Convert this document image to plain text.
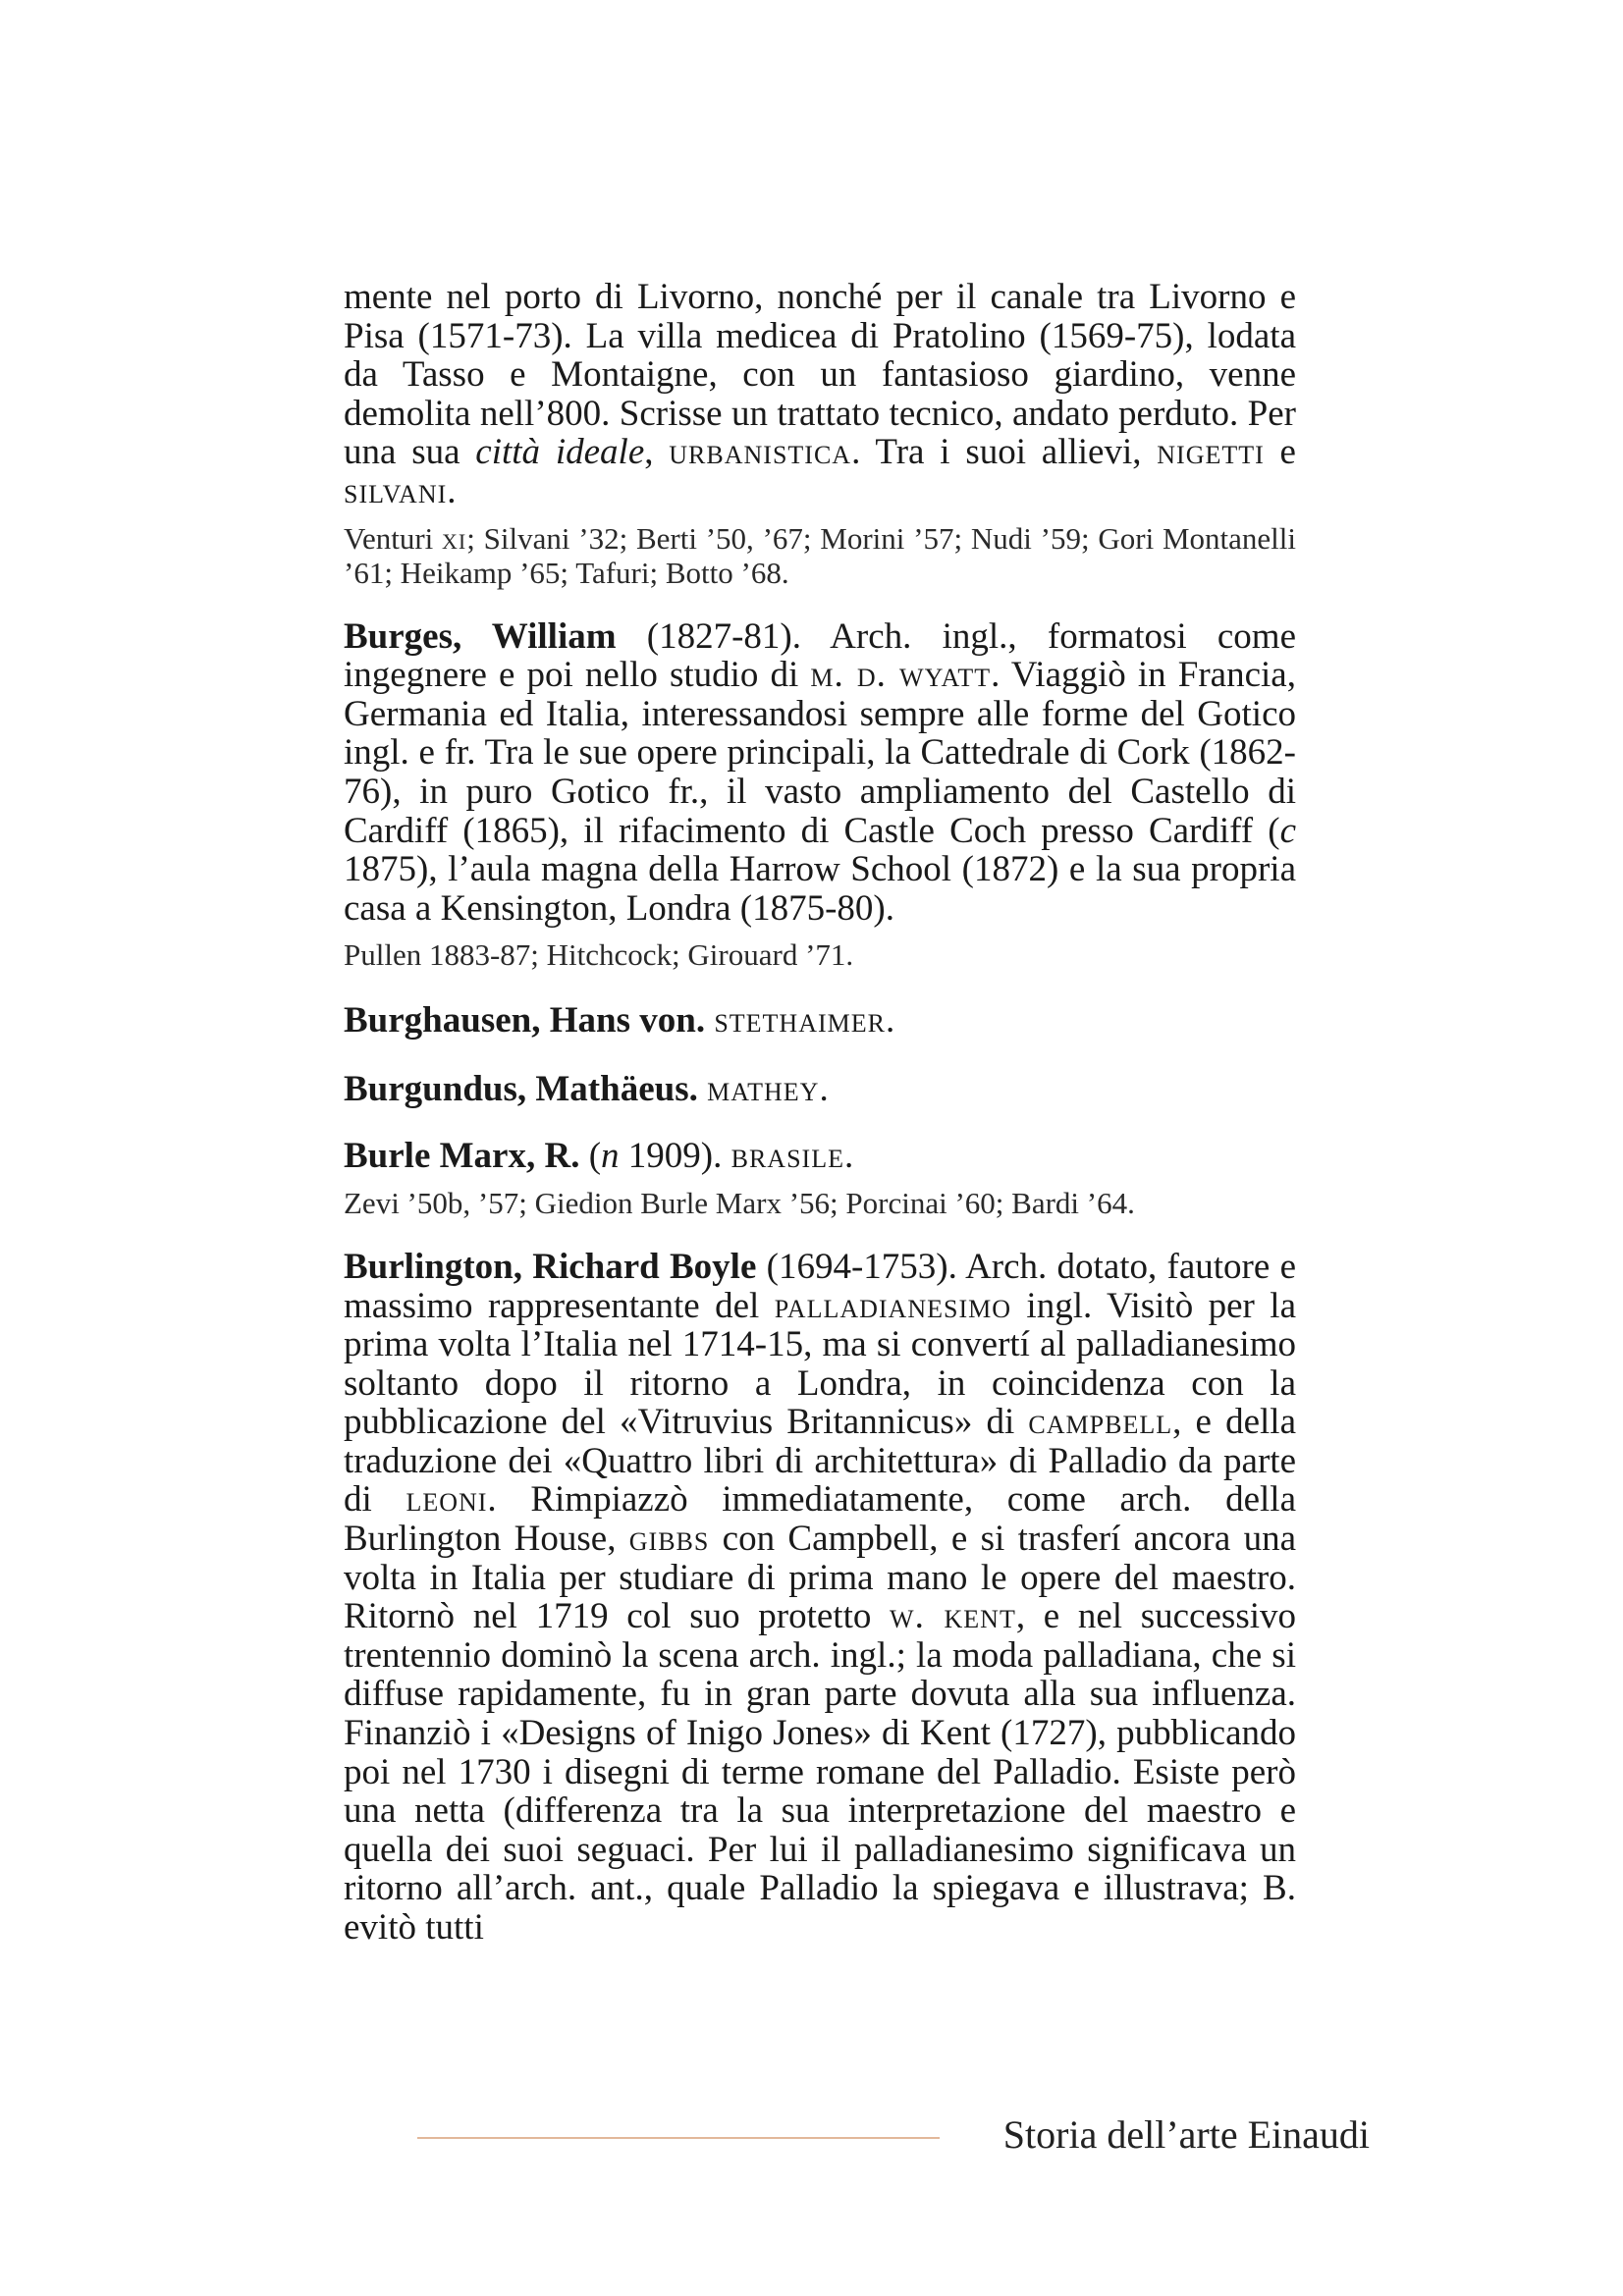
mente nel porto di Livorno, nonché per il canale tra Livorno e Pisa (1571-73). La villa medicea di Pratolino (1569-75), lodata da Tasso e Montaigne, con un fantasioso giardino, venne demolita nell’800. Scrisse un trattato tecnico, andato perduto. Per una sua città ideale, urbanistica. Tra i suoi allievi, nigetti e silvani.

Venturi xi; Silvani ’32; Berti ’50, ’67; Morini ’57; Nudi ’59; Gori Montanelli ’61; Heikamp ’65; Tafuri; Botto ’68.

Burges, William (1827-81). Arch. ingl., formatosi come ingegnere e poi nello studio di m. d. wyatt. Viaggiò in Francia, Germania ed Italia, interessandosi sempre alle forme del Gotico ingl. e fr. Tra le sue opere principali, la Cattedrale di Cork (1862-76), in puro Gotico fr., il vasto ampliamento del Castello di Cardiff (1865), il rifacimento di Castle Coch presso Cardiff (c 1875), l’aula magna della Harrow School (1872) e la sua propria casa a Kensington, Londra (1875-80).

Pullen 1883-87; Hitchcock; Girouard ’71.

Burghausen, Hans von. stethaimer.

Burgundus, Mathäeus. mathey.

Burle Marx, R. (n 1909). brasile.

Zevi ’50b, ’57; Giedion Burle Marx ’56; Porcinai ’60; Bardi ’64.

Burlington, Richard Boyle (1694-1753). Arch. dotato, fautore e massimo rappresentante del palladianesimo ingl. Visitò per la prima volta l’Italia nel 1714-15, ma si convertí al palladianesimo soltanto dopo il ritorno a Londra, in coincidenza con la pubblicazione del «Vitruvius Britannicus» di campbell, e della traduzione dei «Quattro libri di architettura» di Palladio da parte di leoni. Rimpiazzò immediatamente, come arch. della Burlington House, gibbs con Campbell, e si trasferí ancora una volta in Italia per studiare di prima mano le opere del maestro. Ritornò nel 1719 col suo protetto w. kent, e nel successivo trentennio dominò la scena arch. ingl.; la moda palladiana, che si diffuse rapidamente, fu in gran parte dovuta alla sua influenza. Finanziò i «Designs of Inigo Jones» di Kent (1727), pubblicando poi nel 1730 i disegni di terme romane del Palladio. Esiste però una netta (differenza tra la sua interpretazione del maestro e quella dei suoi seguaci. Per lui il palladianesimo significava un ritorno all’arch. ant., quale Palladio la spiegava e illustrava; B. evitò tutti

Storia dell’arte Einaudi
